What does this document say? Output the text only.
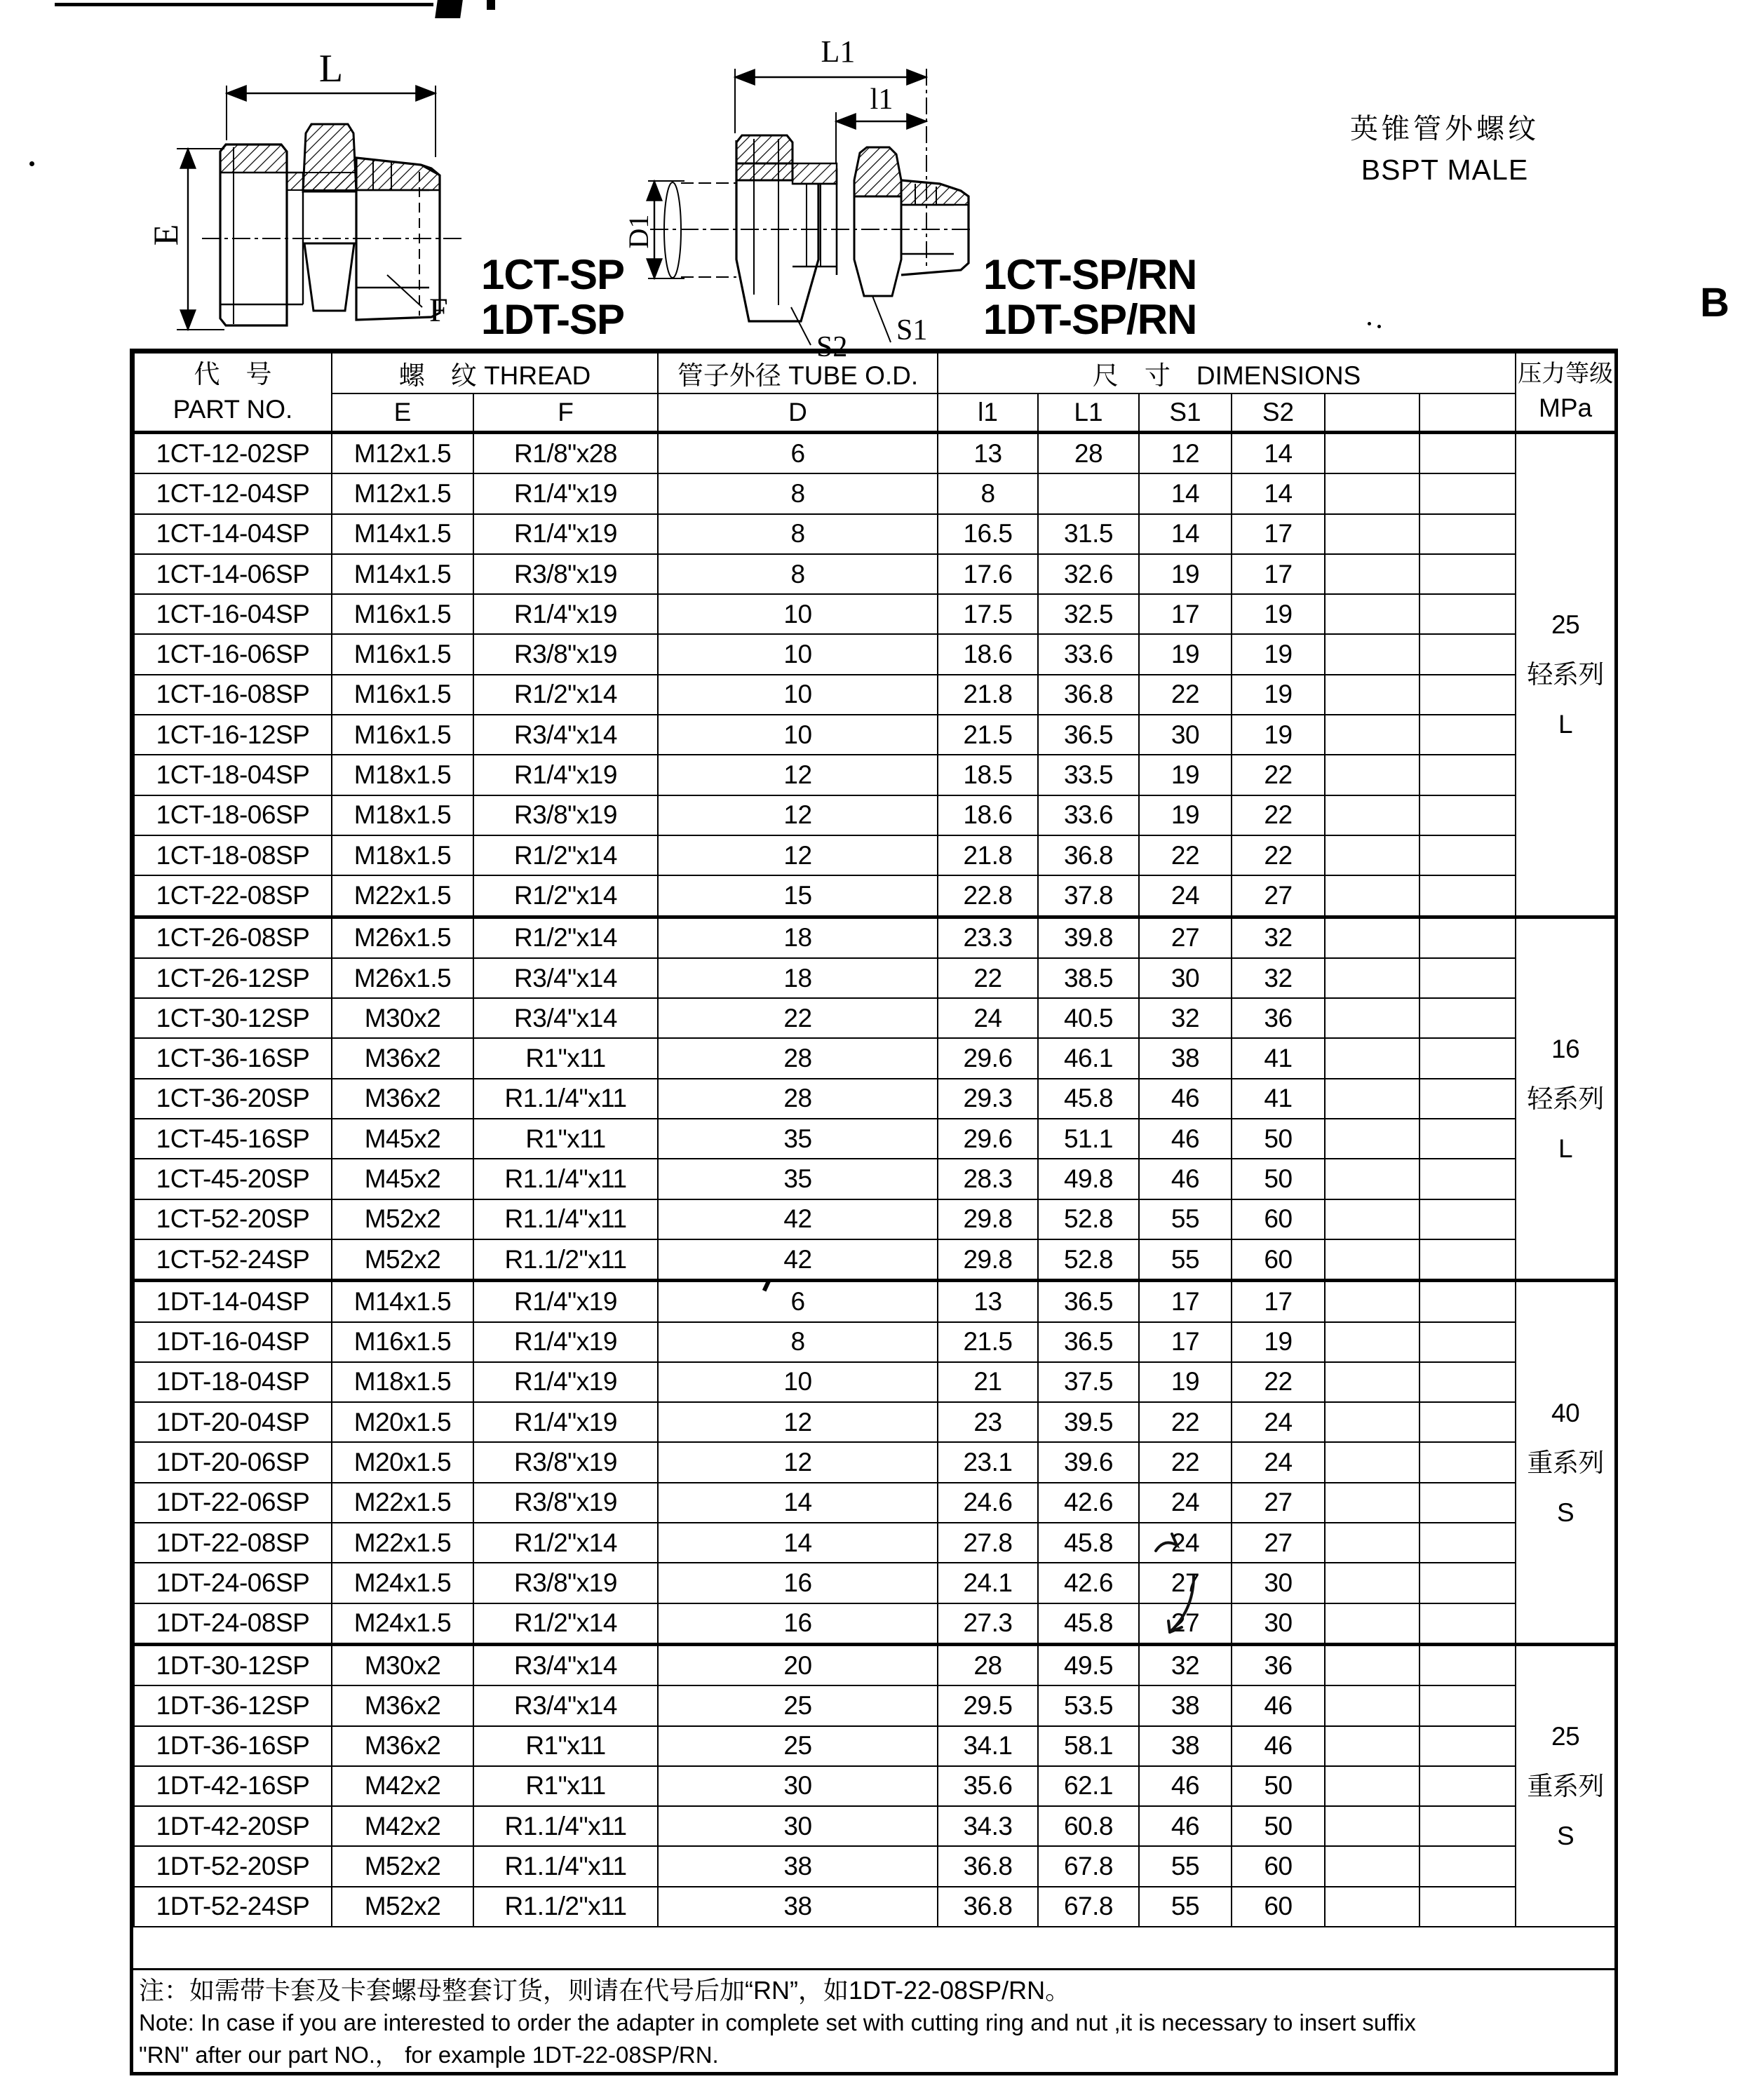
L
E
F
L1
l1
D1
S2
S1
1CT-SP
1DT-SP
1CT-SP/RN
1DT-SP/RN
英锥管外螺纹
BSPT MALE
B
代　号
PART NO.
	螺　纹 THREAD	管子外径 TUBE O.D.	尺　寸　DIMENSIONS	压力等级
MPa

	E	F	D	l1	L1	S1	S2			
1CT-12-02SP	M12x1.5	R1/8"x28	6	13	28	12	14			25
轻系列
L

1CT-12-04SP	M12x1.5	R1/4"x19	8	8		14	14			
1CT-14-04SP	M14x1.5	R1/4"x19	8	16.5	31.5	14	17			
1CT-14-06SP	M14x1.5	R3/8"x19	8	17.6	32.6	19	17			
1CT-16-04SP	M16x1.5	R1/4"x19	10	17.5	32.5	17	19			
1CT-16-06SP	M16x1.5	R3/8"x19	10	18.6	33.6	19	19			
1CT-16-08SP	M16x1.5	R1/2"x14	10	21.8	36.8	22	19			
1CT-16-12SP	M16x1.5	R3/4"x14	10	21.5	36.5	30	19			
1CT-18-04SP	M18x1.5	R1/4"x19	12	18.5	33.5	19	22			
1CT-18-06SP	M18x1.5	R3/8"x19	12	18.6	33.6	19	22			
1CT-18-08SP	M18x1.5	R1/2"x14	12	21.8	36.8	22	22			
1CT-22-08SP	M22x1.5	R1/2"x14	15	22.8	37.8	24	27			
1CT-26-08SP	M26x1.5	R1/2"x14	18	23.3	39.8	27	32			16
轻系列
L

1CT-26-12SP	M26x1.5	R3/4"x14	18	22	38.5	30	32			
1CT-30-12SP	M30x2	R3/4"x14	22	24	40.5	32	36			
1CT-36-16SP	M36x2	R1"x11	28	29.6	46.1	38	41			
1CT-36-20SP	M36x2	R1.1/4"x11	28	29.3	45.8	46	41			
1CT-45-16SP	M45x2	R1"x11	35	29.6	51.1	46	50			
1CT-45-20SP	M45x2	R1.1/4"x11	35	28.3	49.8	46	50			
1CT-52-20SP	M52x2	R1.1/4"x11	42	29.8	52.8	55	60			
1CT-52-24SP	M52x2	R1.1/2"x11	42	29.8	52.8	55	60			
1DT-14-04SP	M14x1.5	R1/4"x19	6	13	36.5	17	17			40
重系列
S

1DT-16-04SP	M16x1.5	R1/4"x19	8	21.5	36.5	17	19			
1DT-18-04SP	M18x1.5	R1/4"x19	10	21	37.5	19	22			
1DT-20-04SP	M20x1.5	R1/4"x19	12	23	39.5	22	24			
1DT-20-06SP	M20x1.5	R3/8"x19	12	23.1	39.6	22	24			
1DT-22-06SP	M22x1.5	R3/8"x19	14	24.6	42.6	24	27			
1DT-22-08SP	M22x1.5	R1/2"x14	14	27.8	45.8	24	27			
1DT-24-06SP	M24x1.5	R3/8"x19	16	24.1	42.6	27	30			
1DT-24-08SP	M24x1.5	R1/2"x14	16	27.3	45.8	27	30			
1DT-30-12SP	M30x2	R3/4"x14	20	28	49.5	32	36			25
重系列
S

1DT-36-12SP	M36x2	R3/4"x14	25	29.5	53.5	38	46			
1DT-36-16SP	M36x2	R1"x11	25	34.1	58.1	38	46			
1DT-42-16SP	M42x2	R1"x11	30	35.6	62.1	46	50			
1DT-42-20SP	M42x2	R1.1/4"x11	30	34.3	60.8	46	50			
1DT-52-20SP	M52x2	R1.1/4"x11	38	36.8	67.8	55	60			
1DT-52-24SP	M52x2	R1.1/2"x11	38	36.8	67.8	55	60			
注：如需带卡套及卡套螺母整套订货，则请在代号后加“RN”，如1DT-22-08SP/RN。
Note: In case if you are interested to order the adapter in complete set with cutting ring and nut ,it is necessary to insert suffix
"RN" after our part NO.， for example 1DT-22-08SP/RN.
